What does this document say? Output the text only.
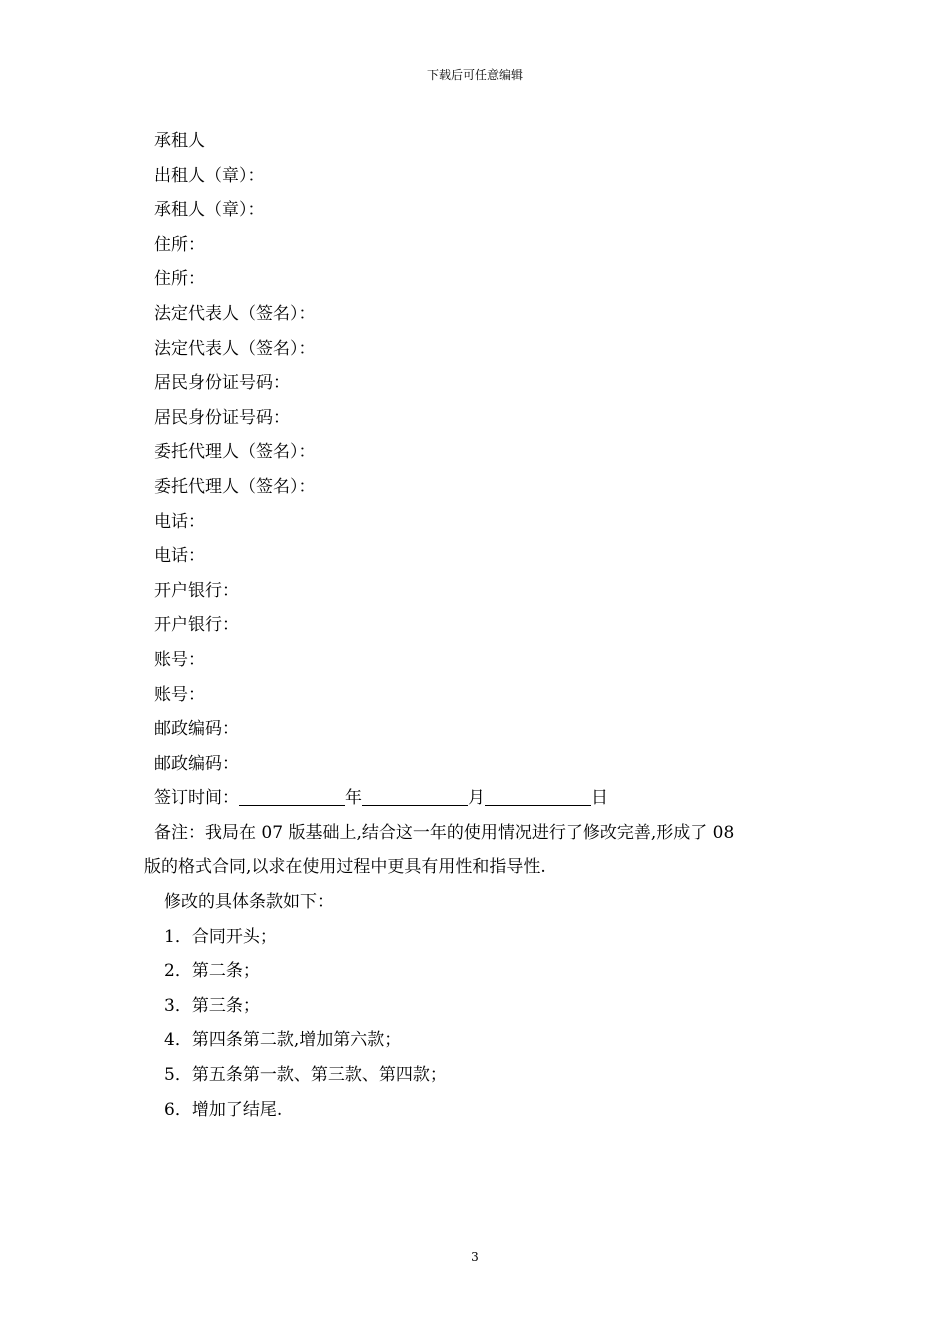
下载后可任意编辑
承租人
出租人（章）：
承租人（章）：
住所：
住所：
法定代表人（签名）：
法定代表人（签名）：
居民身份证号码：
居民身份证号码：
委托代理人（签名）：
委托代理人（签名）：
电话：
电话：
开户银行：
开户银行：
账号：
账号：
邮政编码：
邮政编码：
签订时间：	年	月	日
备注：我局在 07 版基础上,结合这一年的使用情况进行了修改完善,形成了 08
版的格式合同,以求在使用过程中更具有用性和指导性.
修改的具体条款如下：
1．合同开头；
2．第二条；
3．第三条；
4．第四条第二款,增加第六款；
5．第五条第一款、第三款、第四款；
6．增加了结尾.
3
